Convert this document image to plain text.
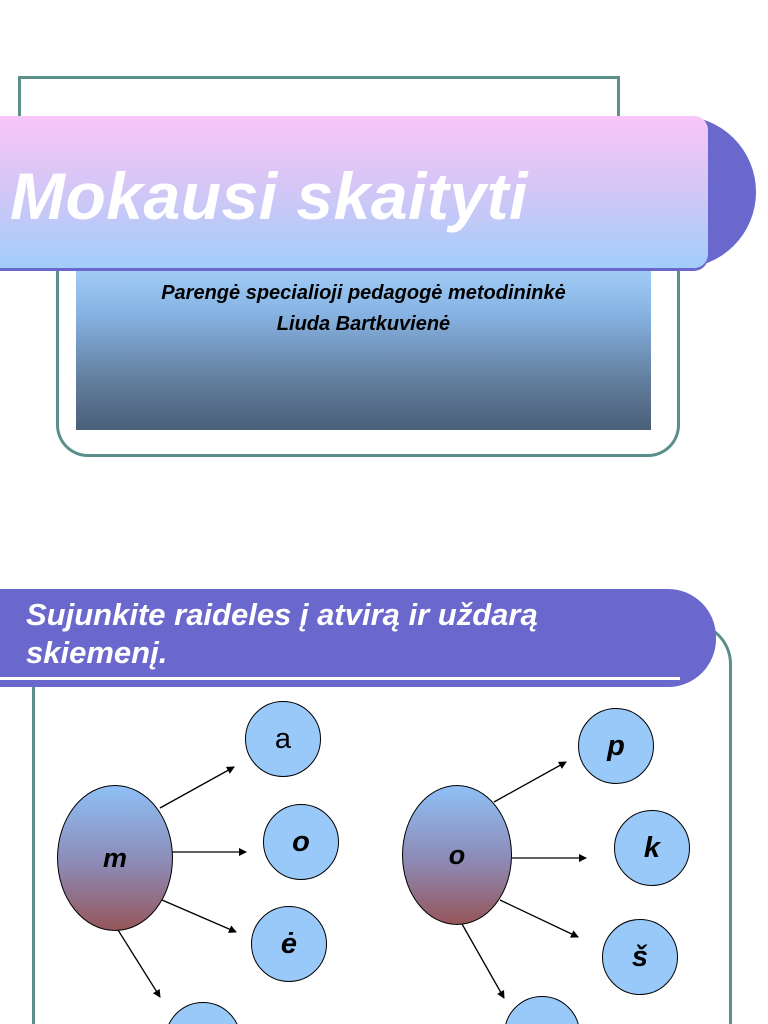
Mokausi skaityti
Parengė specialioji pedagogė metodininkė
Liuda Bartkuvienė
Sujunkite raideles į atvirą ir uždarą
skiemenį.
m
a
o
ė
o
p
k
š
